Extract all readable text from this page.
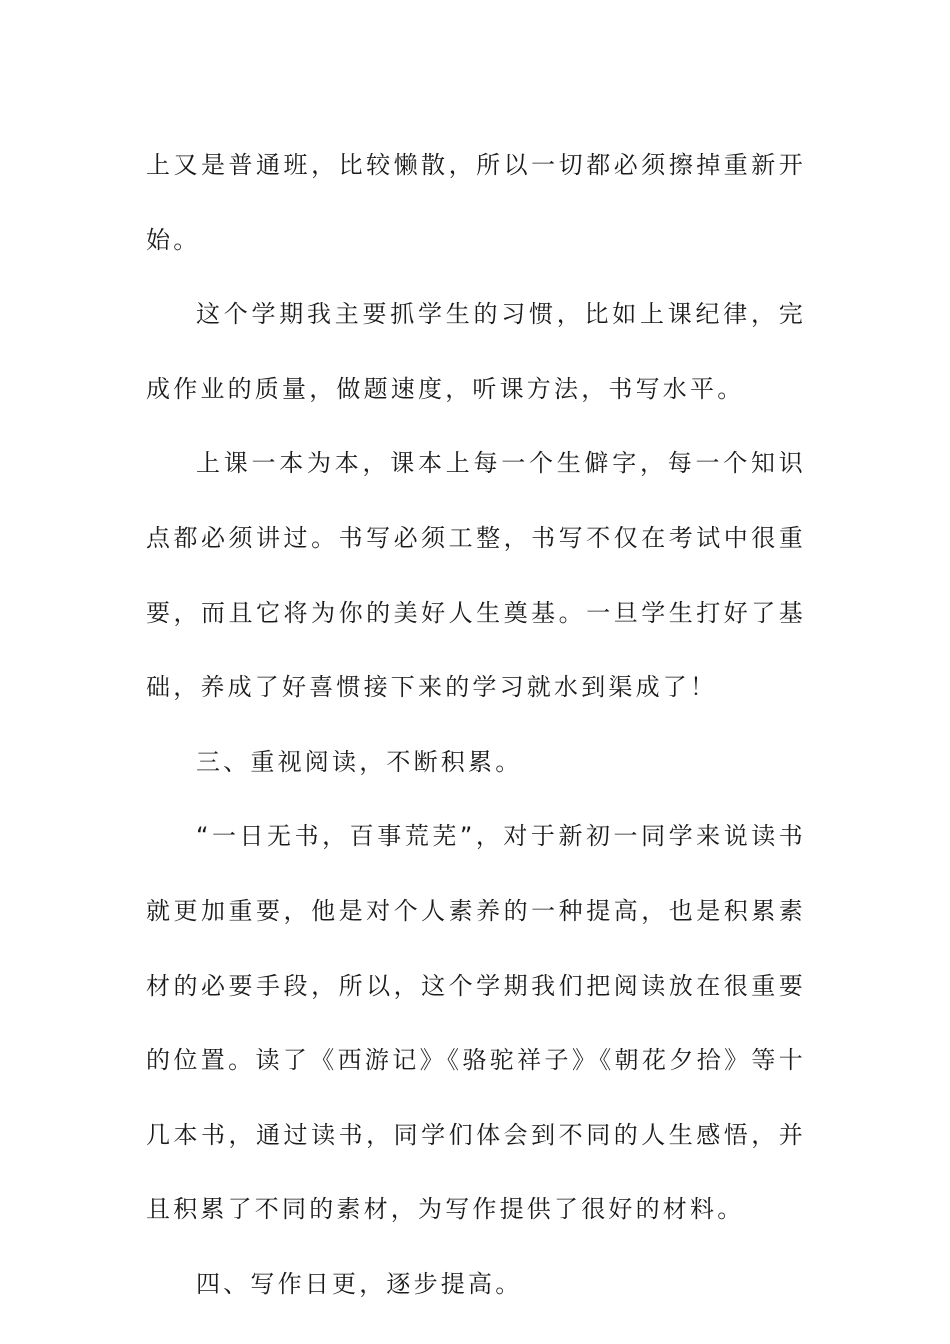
上又是普通班，比较懒散，所以一切都必须擦掉重新开始。

这个学期我主要抓学生的习惯，比如上课纪律，完成作业的质量，做题速度，听课方法，书写水平。

上课一本为本，课本上每一个生僻字，每一个知识点都必须讲过。书写必须工整，书写不仅在考试中很重要，而且它将为你的美好人生奠基。一旦学生打好了基础，养成了好喜惯接下来的学习就水到渠成了！

三、重视阅读，不断积累。

“一日无书，百事荒芜”，对于新初一同学来说读书就更加重要，他是对个人素养的一种提高，也是积累素材的必要手段，所以，这个学期我们把阅读放在很重要的位置。读了《西游记》《骆驼祥子》《朝花夕拾》等十几本书，通过读书，同学们体会到不同的人生感悟，并且积累了不同的素材，为写作提供了很好的材料。

四、写作日更，逐步提高。
